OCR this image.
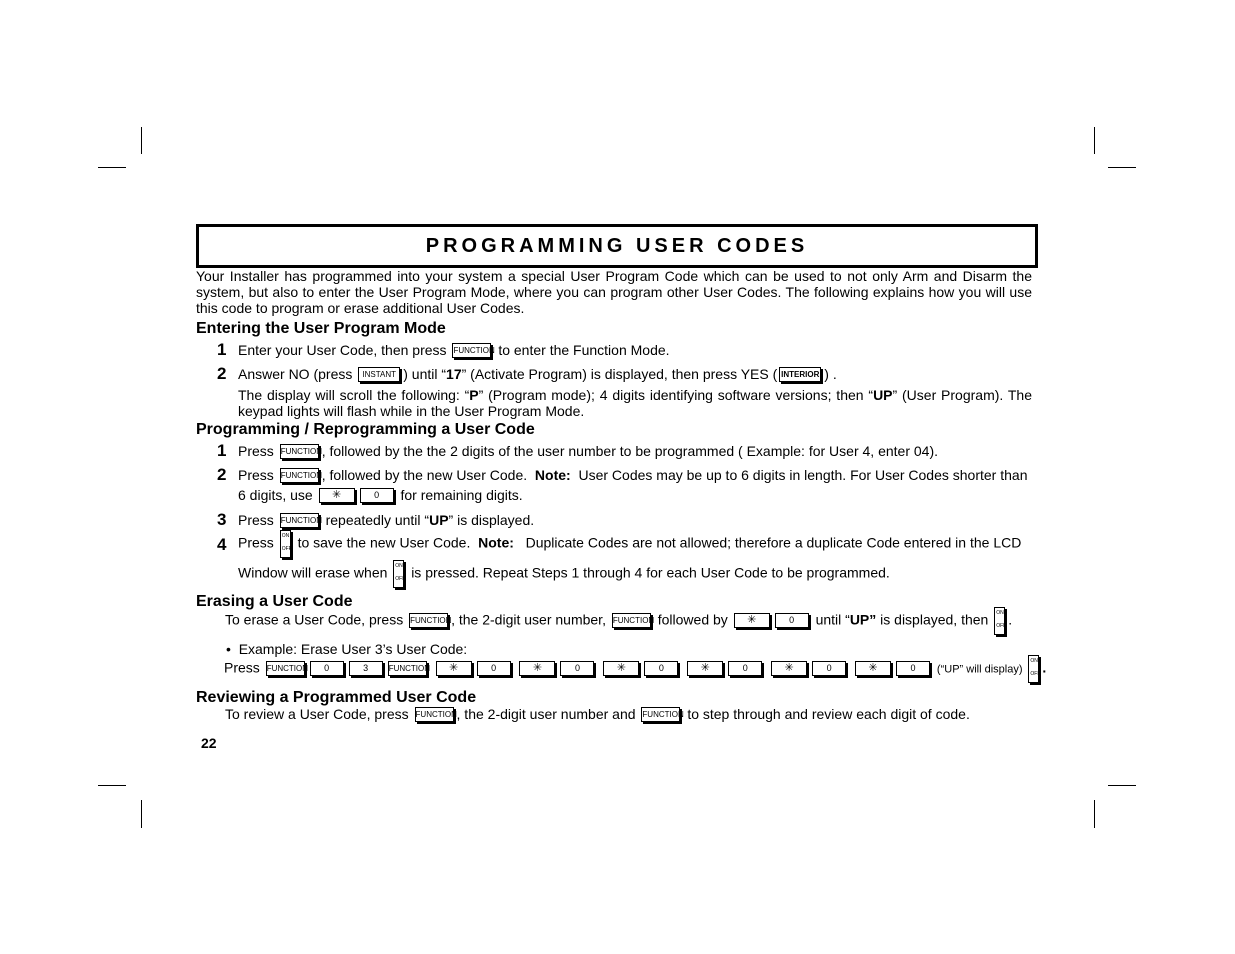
PROGRAMMING USER CODES
Your Installer has programmed into your system a special User Program Code which can be used to not only Arm and Disarm the system, but also to enter the User Program Mode, where you can program other User Codes. The following explains how you will use this code to program or erase additional User Codes.
Entering the User Program Mode
1 Enter your User Code, then press FUNCTION to enter the Function Mode.
2 Answer NO (press INSTANT ) until “17” (Activate Program) is displayed, then press YES ( INTERIOR ) .
The display will scroll the following: “P” (Program mode); 4 digits identifying software versions; then “UP” (User Program). The keypad lights will flash while in the User Program Mode.
Programming / Reprogramming a User Code
1 Press FUNCTION, followed by the the 2 digits of the user number to be programmed ( Example: for User 4, enter 04).
2 Press FUNCTION, followed by the new User Code. Note: User Codes may be up to 6 digits in length. For User Codes shorter than
6 digits, use ✳	0 for remaining digits.
3 Press FUNCTION repeatedly until “UP” is displayed.
4 Press ON
OFF to save the new User Code. Note: Duplicate Codes are not allowed; therefore a duplicate Code entered in the LCD
Window will erase when ON
OFF is pressed. Repeat Steps 1 through 4 for each User Code to be programmed.
Erasing a User Code
To erase a User Code, press FUNCTION, the 2-digit user number, FUNCTION followed by ✳	0 until “UP” is displayed, then ON
OFF .
• Example: Erase User 3’s User Code:
Press FUNCTION 0	3	FUNCTION ✳	0	✳	0	✳	0	✳	0	✳	0	✳	0 (“UP” will display)
ON
OFF .
Reviewing a Programmed User Code
To review a User Code, press FUNCTION, the 2-digit user number and FUNCTION to step through and review each digit of code.
22
